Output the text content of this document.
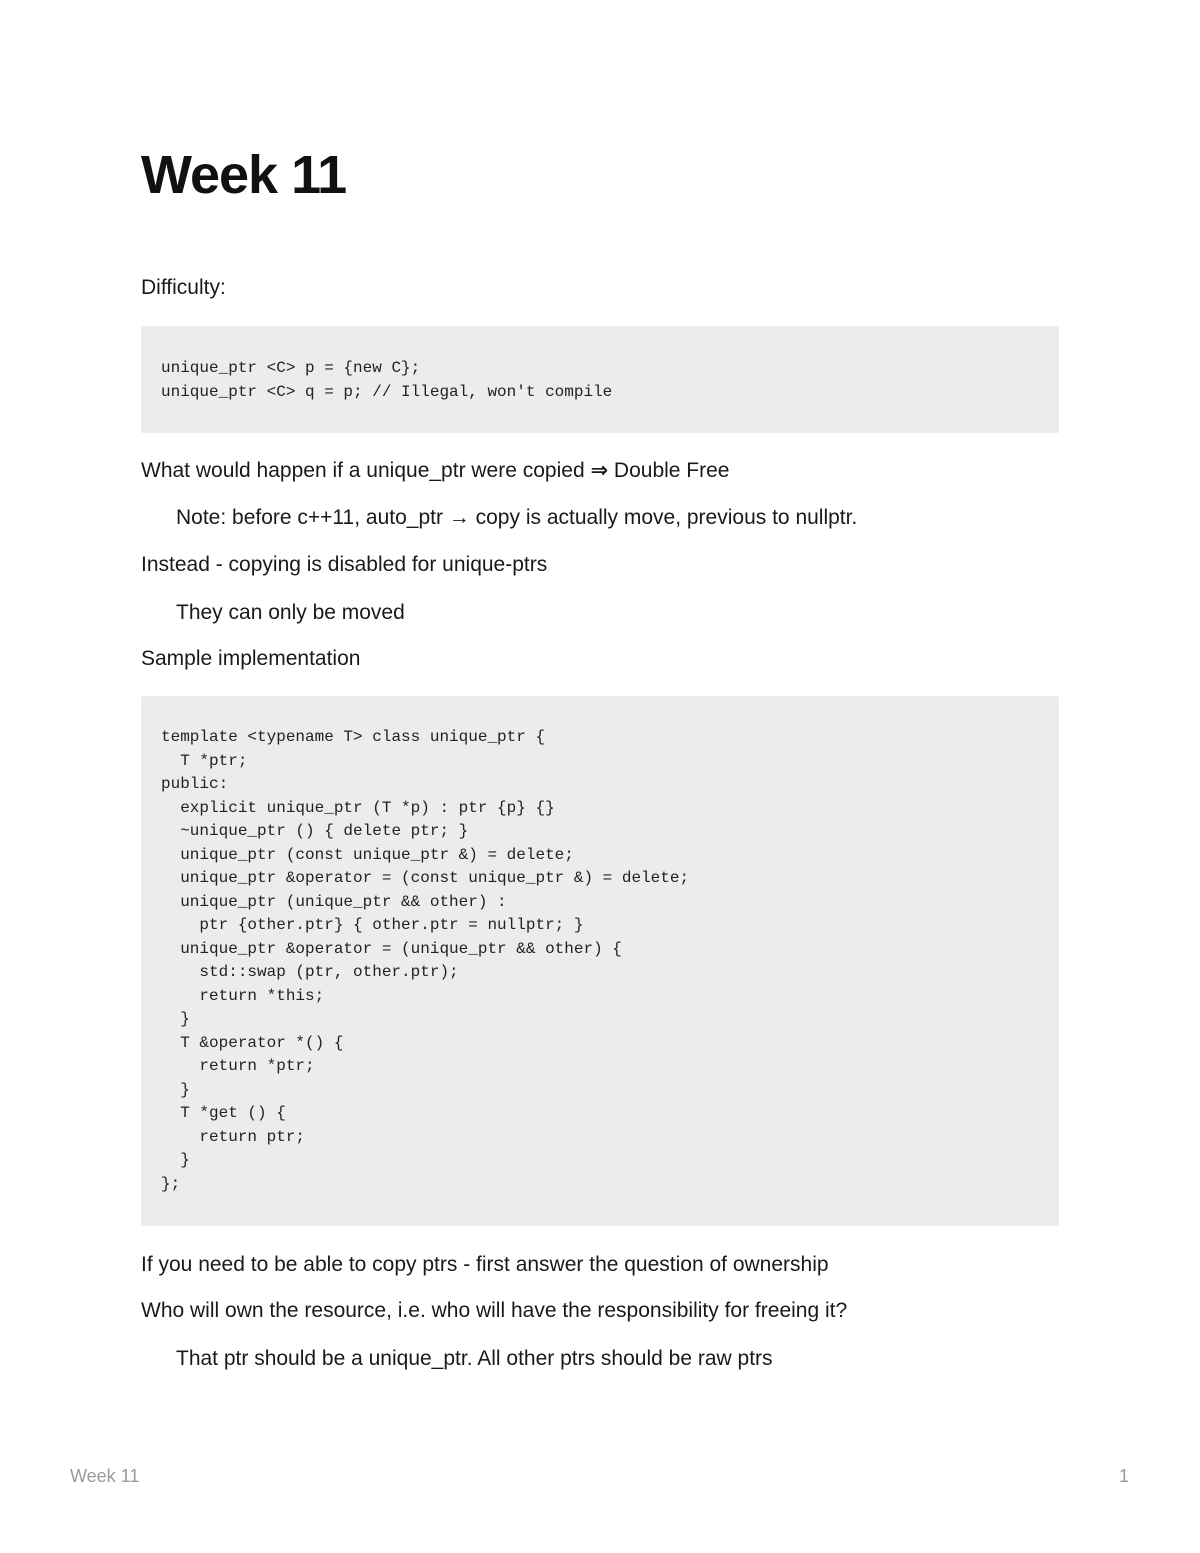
Week 11

Difficulty:

unique_ptr <C> p = {new C};
unique_ptr <C> q = p; // Illegal, won't compile

What would happen if a unique_ptr were copied ⇒ Double Free

Note: before c++11, auto_ptr → copy is actually move, previous to nullptr.

Instead - copying is disabled for unique-ptrs

They can only be moved

Sample implementation

template <typename T> class unique_ptr {
T *ptr;
public:
explicit unique_ptr (T *p) : ptr {p} {}
~unique_ptr () { delete ptr; }
unique_ptr (const unique_ptr &) = delete;
unique_ptr &operator = (const unique_ptr &) = delete;
unique_ptr (unique_ptr && other) :
ptr {other.ptr} { other.ptr = nullptr; }
unique_ptr &operator = (unique_ptr && other) {
std::swap (ptr, other.ptr);
return *this;
}
T &operator *() {
return *ptr;
}
T *get () {
return ptr;
}
};

If you need to be able to copy ptrs - first answer the question of ownership

Who will own the resource, i.e. who will have the responsibility for freeing it?

That ptr should be a unique_ptr. All other ptrs should be raw ptrs

Week 11	1
